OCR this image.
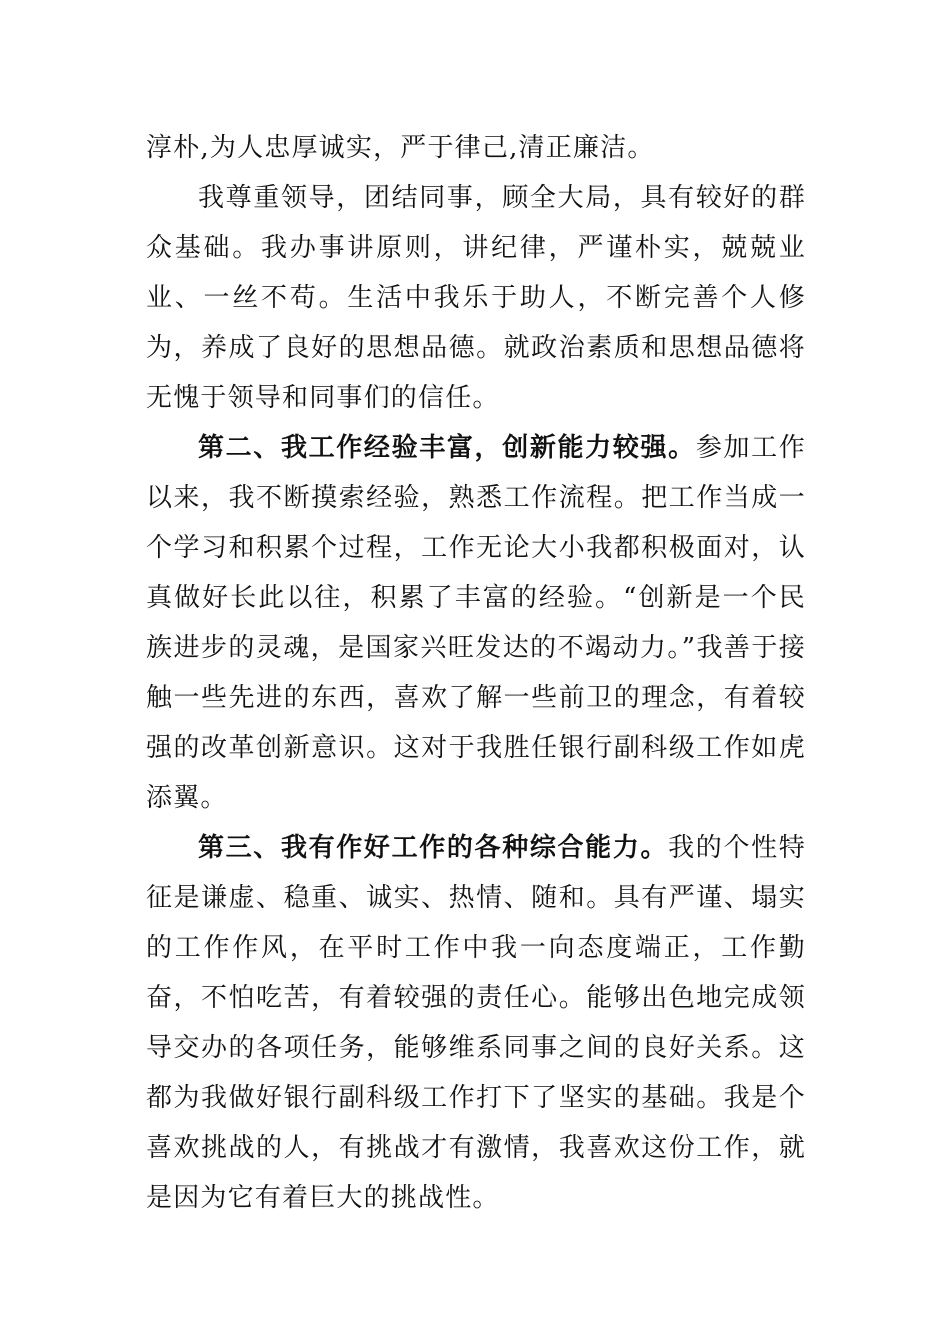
淳朴,为人忠厚诚实，严于律己,清正廉洁。

我尊重领导，团结同事，顾全大局，具有较好的群众基础。我办事讲原则，讲纪律，严谨朴实，兢兢业业、一丝不苟。生活中我乐于助人，不断完善个人修为，养成了良好的思想品德。就政治素质和思想品德将无愧于领导和同事们的信任。

第二、我工作经验丰富，创新能力较强。参加工作以来，我不断摸索经验，熟悉工作流程。把工作当成一个学习和积累个过程，工作无论大小我都积极面对，认真做好长此以往，积累了丰富的经验。“创新是一个民族进步的灵魂，是国家兴旺发达的不竭动力。”我善于接触一些先进的东西，喜欢了解一些前卫的理念，有着较强的改革创新意识。这对于我胜任银行副科级工作如虎添翼。

第三、我有作好工作的各种综合能力。我的个性特征是谦虚、稳重、诚实、热情、随和。具有严谨、塌实的工作作风，在平时工作中我一向态度端正，工作勤奋，不怕吃苦，有着较强的责任心。能够出色地完成领导交办的各项任务，能够维系同事之间的良好关系。这都为我做好银行副科级工作打下了坚实的基础。我是个喜欢挑战的人，有挑战才有激情，我喜欢这份工作，就是因为它有着巨大的挑战性。
